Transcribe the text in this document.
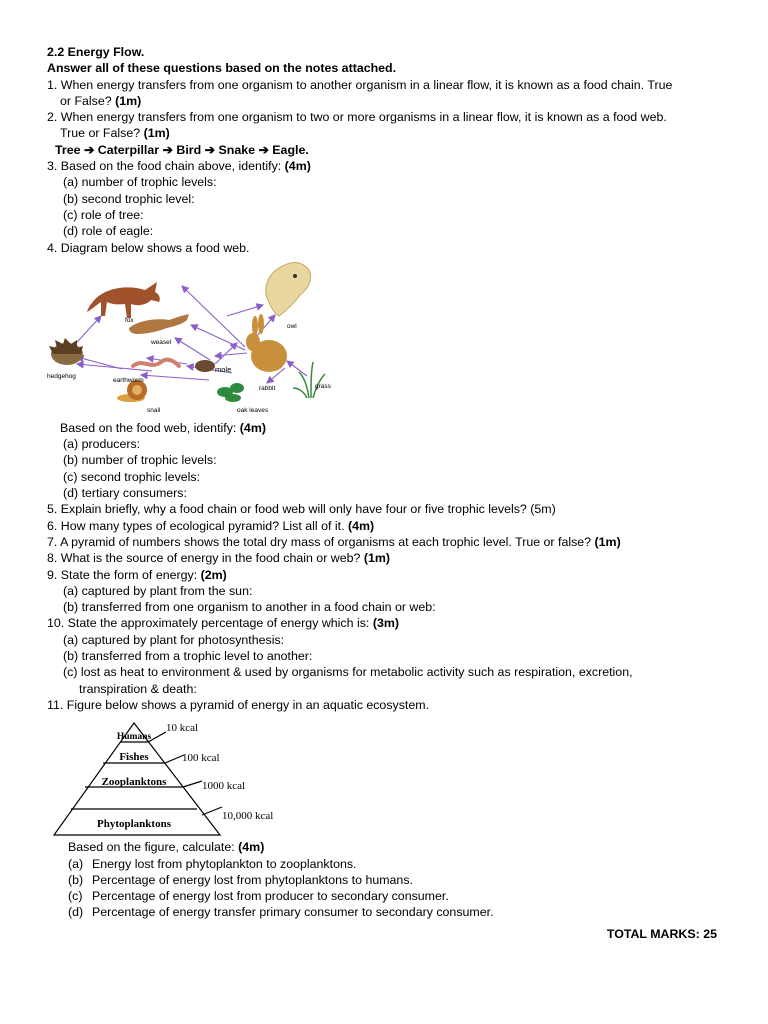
2.2 Energy Flow.
Answer all of these questions based on the notes attached.
1. When energy transfers from one organism to another organism in a linear flow, it is known as a food chain. True
or False? (1m)
2. When energy transfers from one organism to two or more organisms in a linear flow, it is known as a food web.
True or False? (1m)
Tree ➔ Caterpillar ➔ Bird ➔ Snake ➔ Eagle.
3. Based on the food chain above, identify: (4m)
(a) number of trophic levels:
(b) second trophic level:
(c) role of tree:
(d) role of eagle:
4. Diagram below shows a food web.
fox
owl
weasel
hedgehog
earthworm
mole
rabbit	grass
snail	oak leaves
Based on the food web, identify: (4m)
(a) producers:
(b) number of trophic levels:
(c) second trophic levels:
(d) tertiary consumers:
5. Explain briefly, why a food chain or food web will only have four or five trophic levels? (5m)
6. How many types of ecological pyramid? List all of it. (4m)
7. A pyramid of numbers shows the total dry mass of organisms at each trophic level. True or false? (1m)
8. What is the source of energy in the food chain or web? (1m)
9. State the form of energy: (2m)
(a) captured by plant from the sun:
(b) transferred from one organism to another in a food chain or web:
10. State the approximately percentage of energy which is: (3m)
(a) captured by plant for photosynthesis:
(b) transferred from a trophic level to another:
(c) lost as heat to environment & used by organisms for metabolic activity such as respiration, excretion,
transpiration & death:
11. Figure below shows a pyramid of energy in an aquatic ecosystem.
Humans
Fishes
Zooplanktons
Phytoplanktons
10 kcal
100 kcal
1000 kcal
10,000 kcal
Based on the figure, calculate: (4m)
(a) Energy lost from phytoplankton to zooplanktons.
(b) Percentage of energy lost from phytoplanktons to humans.
(c) Percentage of energy lost from producer to secondary consumer.
(d) Percentage of energy transfer primary consumer to secondary consumer.
TOTAL MARKS: 25
